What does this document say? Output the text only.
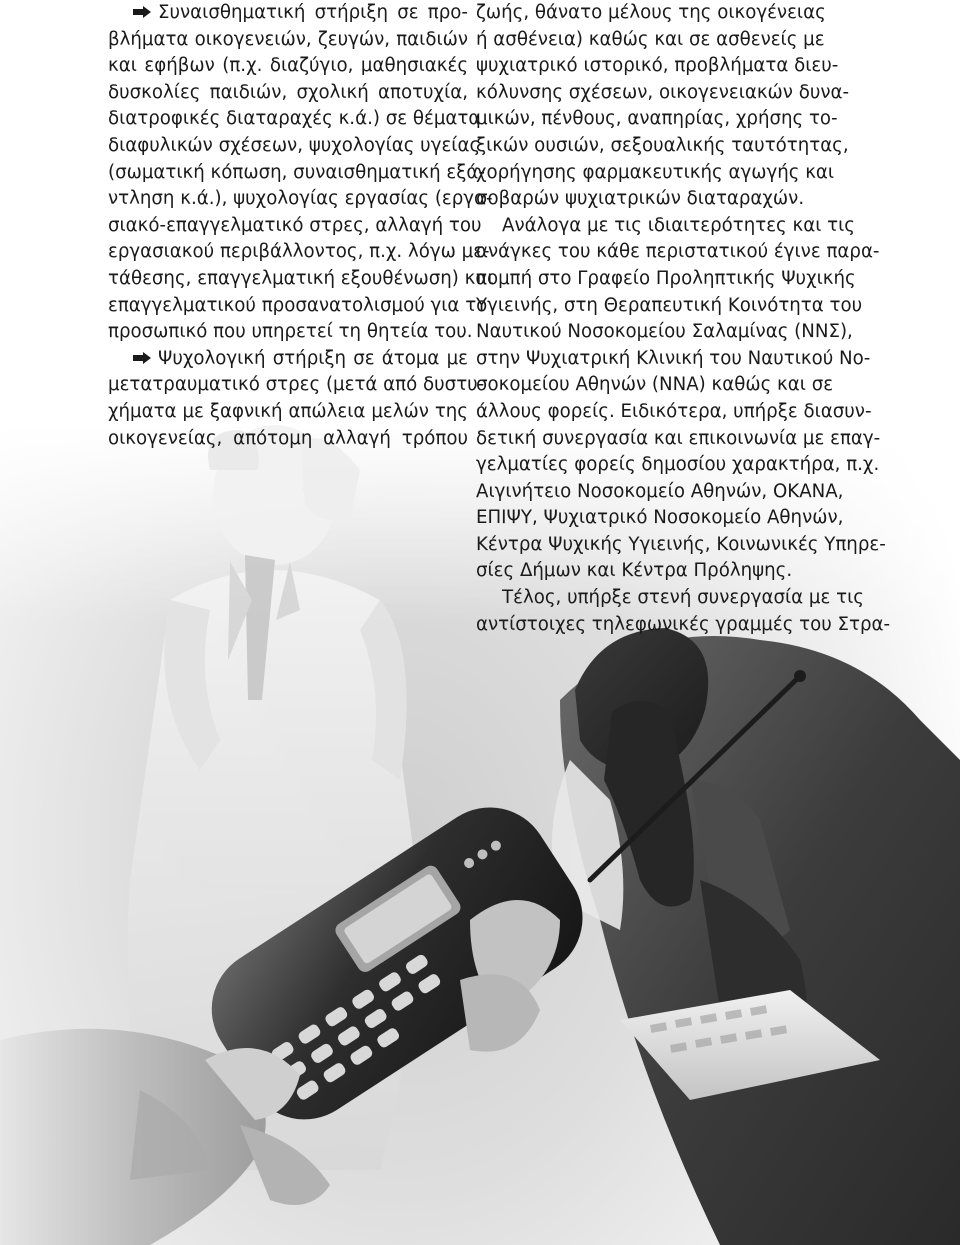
Συναισθηματική στήριξη σε προ-
βλήματα οικογενειών, ζευγών, παιδιών
και εφήβων (π.χ. διαζύγιο, μαθησιακές
δυσκολίες παιδιών, σχολική αποτυχία,
διατροφικές διαταραχές κ.ά.) σε θέματα
διαφυλικών σχέσεων, ψυχολογίας υγείας
(σωματική κόπωση, συναισθηματική εξά-
ντληση κ.ά.), ψυχολογίας εργασίας (εργα-
σιακό-επαγγελματικό στρες, αλλαγή του
εργασιακού περιβάλλοντος, π.χ. λόγω με-
τάθεσης, επαγγελματική εξουθένωση) και
επαγγελματικού προσανατολισμού για το
προσωπικό που υπηρετεί τη θητεία του.

Ψυχολογική στήριξη σε άτομα με
μετατραυματικό στρες (μετά από δυστυ-
χήματα με ξαφνική απώλεια μελών της
οικογενείας, απότομη αλλαγή τρόπου

ζωής, θάνατο μέλους της οικογένειας
ή ασθένεια) καθώς και σε ασθενείς με
ψυχιατρικό ιστορικό, προβλήματα διευ-
κόλυνσης σχέσεων, οικογενειακών δυνα-
μικών, πένθους, αναπηρίας, χρήσης το-
ξικών ουσιών, σεξουαλικής ταυτότητας,
χορήγησης φαρμακευτικής αγωγής και
σοβαρών ψυχιατρικών διαταραχών.

Ανάλογα με τις ιδιαιτερότητες και τις
ανάγκες του κάθε περιστατικού έγινε παρα-
πομπή στο Γραφείο Προληπτικής Ψυχικής
Υγιεινής, στη Θεραπευτική Κοινότητα του
Ναυτικού Νοσοκομείου Σαλαμίνας (ΝΝΣ),
στην Ψυχιατρική Κλινική του Ναυτικού Νο-
σοκομείου Αθηνών (ΝΝΑ) καθώς και σε
άλλους φορείς. Ειδικότερα, υπήρξε διασυν-
δετική συνεργασία και επικοινωνία με επαγ-
γελματίες φορείς δημοσίου χαρακτήρα, π.χ.
Αιγινήτειο Νοσοκομείο Αθηνών, ΟΚΑΝΑ,
ΕΠΙΨΥ, Ψυχιατρικό Νοσοκομείο Αθηνών,
Κέντρα Ψυχικής Υγιεινής, Κοινωνικές Υπηρε-
σίες Δήμων και Κέντρα Πρόληψης.

Τέλος, υπήρξε στενή συνεργασία με τις
αντίστοιχες τηλεφωνικές γραμμές του Στρα-
